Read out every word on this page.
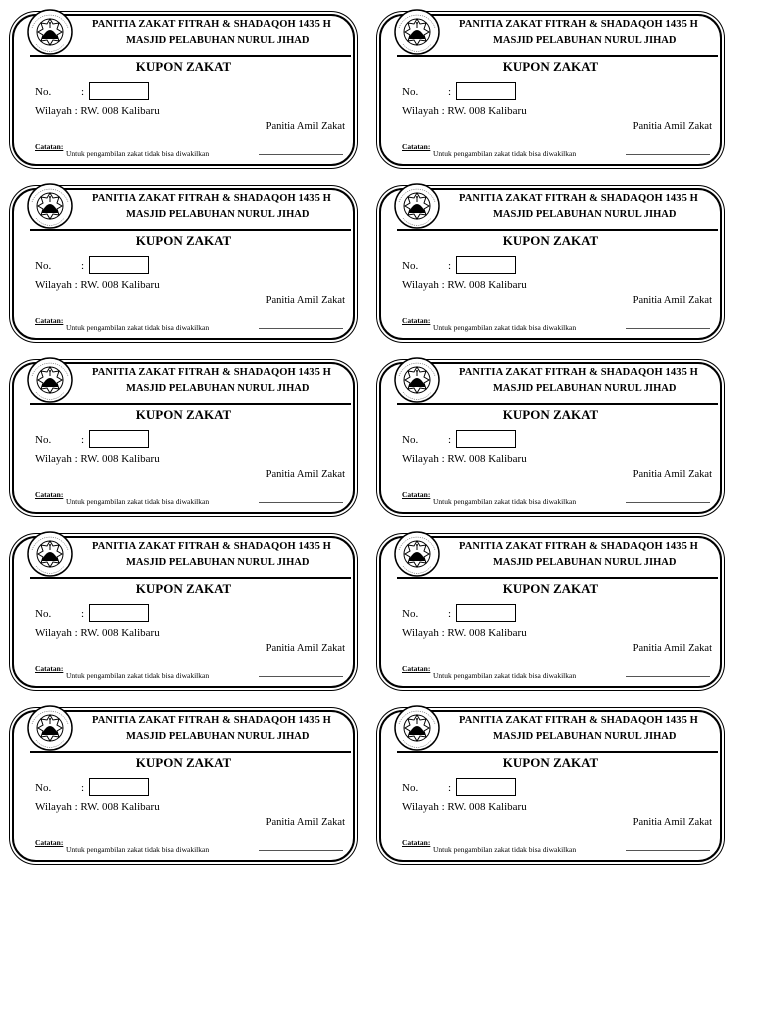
PANITIA ZAKAT FITRAH & SHADAQOH 1435 H
MASJID PELABUHAN NURUL JIHAD
KUPON ZAKAT
No.	:
Wilayah : RW. 008 Kalibaru
Panitia Amil Zakat
Catatan:
Untuk pengambilan zakat tidak bisa diwakilkan
PANITIA ZAKAT FITRAH & SHADAQOH 1435 H
MASJID PELABUHAN NURUL JIHAD
KUPON ZAKAT
No.	:
Wilayah : RW. 008 Kalibaru
Panitia Amil Zakat
Catatan:
Untuk pengambilan zakat tidak bisa diwakilkan
PANITIA ZAKAT FITRAH & SHADAQOH 1435 H
MASJID PELABUHAN NURUL JIHAD
KUPON ZAKAT
No.	:
Wilayah : RW. 008 Kalibaru
Panitia Amil Zakat
Catatan:
Untuk pengambilan zakat tidak bisa diwakilkan
PANITIA ZAKAT FITRAH & SHADAQOH 1435 H
MASJID PELABUHAN NURUL JIHAD
KUPON ZAKAT
No.	:
Wilayah : RW. 008 Kalibaru
Panitia Amil Zakat
Catatan:
Untuk pengambilan zakat tidak bisa diwakilkan
PANITIA ZAKAT FITRAH & SHADAQOH 1435 H
MASJID PELABUHAN NURUL JIHAD
KUPON ZAKAT
No.	:
Wilayah : RW. 008 Kalibaru
Panitia Amil Zakat
Catatan:
Untuk pengambilan zakat tidak bisa diwakilkan
PANITIA ZAKAT FITRAH & SHADAQOH 1435 H
MASJID PELABUHAN NURUL JIHAD
KUPON ZAKAT
No.	:
Wilayah : RW. 008 Kalibaru
Panitia Amil Zakat
Catatan:
Untuk pengambilan zakat tidak bisa diwakilkan
PANITIA ZAKAT FITRAH & SHADAQOH 1435 H
MASJID PELABUHAN NURUL JIHAD
KUPON ZAKAT
No.	:
Wilayah : RW. 008 Kalibaru
Panitia Amil Zakat
Catatan:
Untuk pengambilan zakat tidak bisa diwakilkan
PANITIA ZAKAT FITRAH & SHADAQOH 1435 H
MASJID PELABUHAN NURUL JIHAD
KUPON ZAKAT
No.	:
Wilayah : RW. 008 Kalibaru
Panitia Amil Zakat
Catatan:
Untuk pengambilan zakat tidak bisa diwakilkan
PANITIA ZAKAT FITRAH & SHADAQOH 1435 H
MASJID PELABUHAN NURUL JIHAD
KUPON ZAKAT
No.	:
Wilayah : RW. 008 Kalibaru
Panitia Amil Zakat
Catatan:
Untuk pengambilan zakat tidak bisa diwakilkan
PANITIA ZAKAT FITRAH & SHADAQOH 1435 H
MASJID PELABUHAN NURUL JIHAD
KUPON ZAKAT
No.	:
Wilayah : RW. 008 Kalibaru
Panitia Amil Zakat
Catatan:
Untuk pengambilan zakat tidak bisa diwakilkan
